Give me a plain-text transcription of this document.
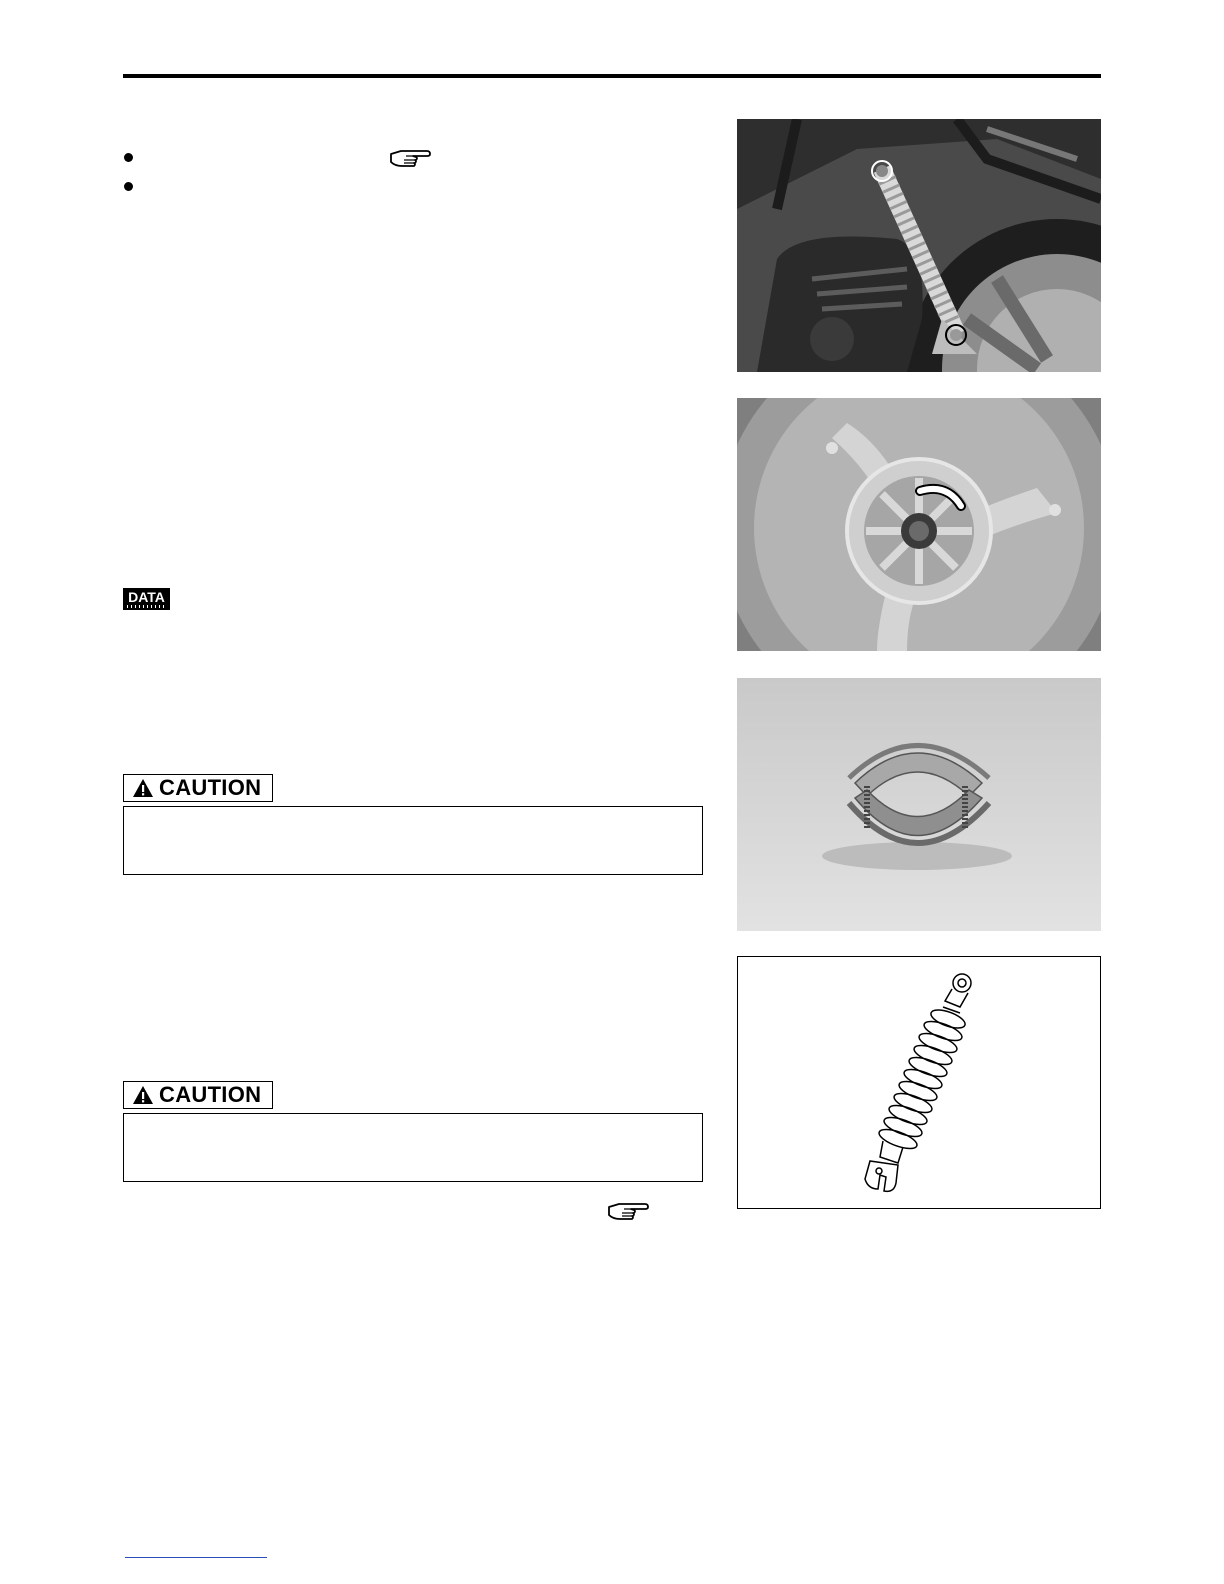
DATA
CAUTION
CAUTION
